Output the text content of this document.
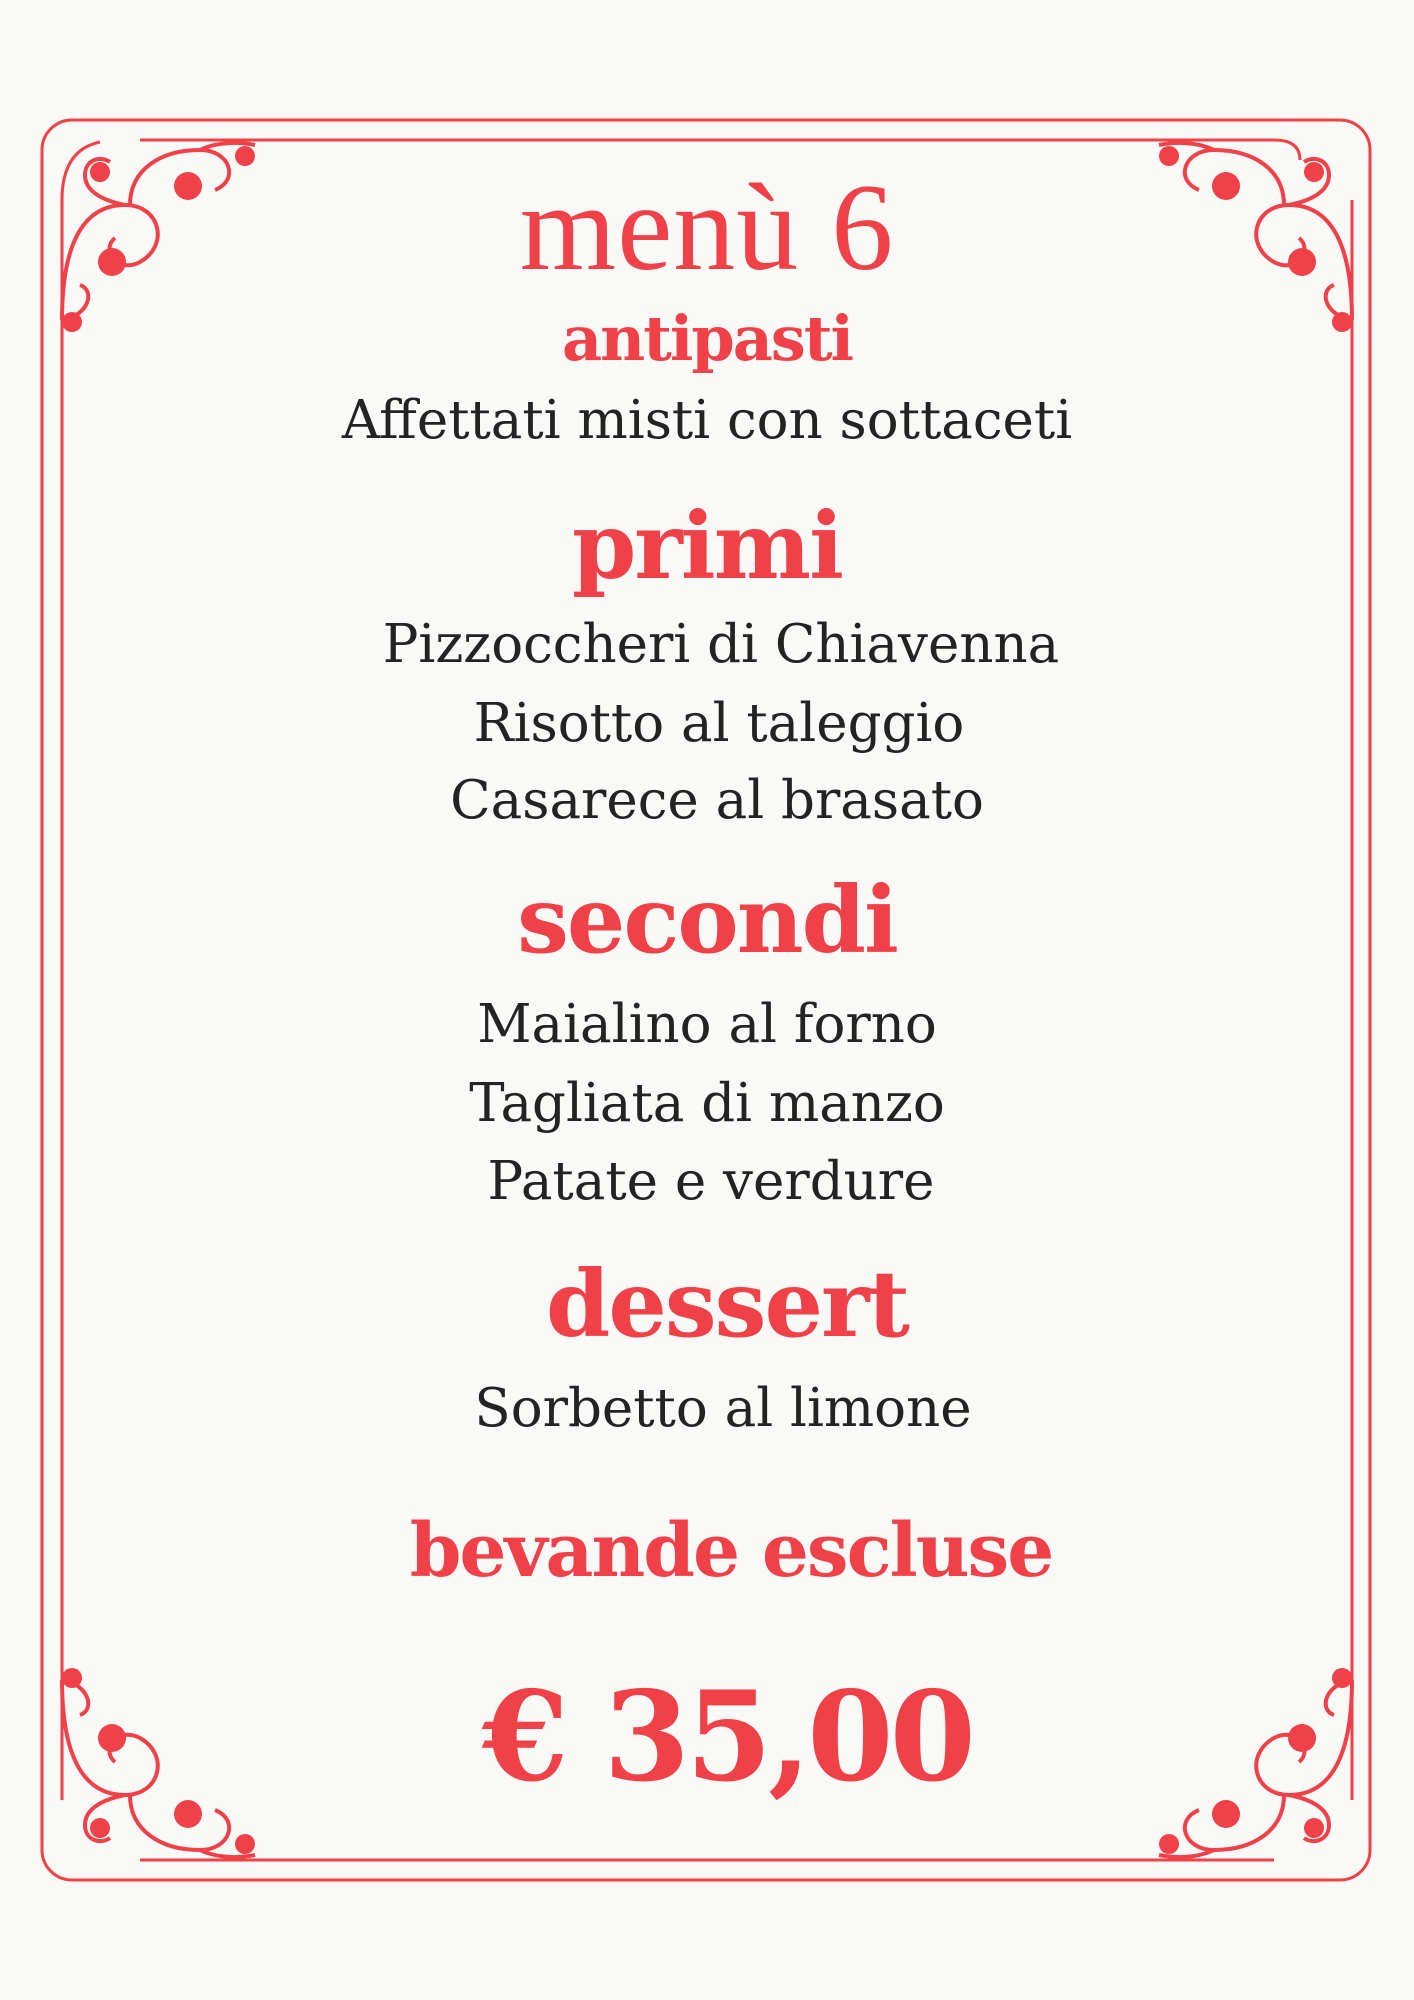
menù 6
antipasti
Affettati misti con sottaceti
primi
Pizzoccheri di Chiavenna
Risotto al taleggio
Casarece al brasato
secondi
Maialino al forno
Tagliata di manzo
Patate e verdure
dessert
Sorbetto al limone
bevande escluse
€ 35,00
